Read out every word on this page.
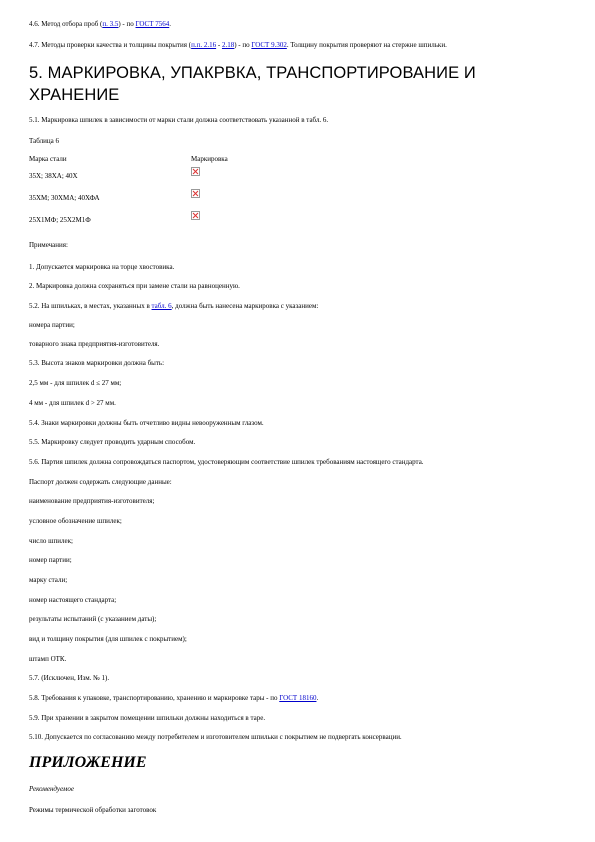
4.6. Метод отбора проб (п. 3.5) - по ГОСТ 7564.
4.7. Методы проверки качества и толщины покрытия (п.п. 2.16 - 2.18) - по ГОСТ 9.302. Толщину покрытия проверяют на стержне шпильки.
5. МАРКИРОВКА, УПАКРВКА, ТРАНСПОРТИРОВАНИЕ И ХРАНЕНИЕ
5.1. Маркировка шпилек в зависимости от марки стали должна соответствовать указанной в табл. 6.
Таблица 6
Марка стали	Маркировка
35Х; 38ХА; 40Х
35ХМ; 30ХМА; 40ХФА
25Х1МФ; 25Х2М1Ф
Примечания:
1. Допускается маркировка на торце хвостовика.
2. Маркировка должна сохраняться при замене стали на равноценную.
5.2. На шпильках, в местах, указанных в табл. 6, должна быть нанесена маркировка с указанием:
номера партии;
товарного знака предприятия-изготовителя.
5.3. Высота знаков маркировки должна быть:
2,5 мм - для шпилек d ≤ 27 мм;
4 мм - для шпилек d > 27 мм.
5.4. Знаки маркировки должны быть отчетливо видны невооруженным глазом.
5.5. Маркировку следует проводить ударным способом.
5.6. Партия шпилек должна сопровождаться паспортом, удостоверяющим соответствие шпилек требованиям настоящего стандарта.
Паспорт должен содержать следующие данные:
наименование предприятия-изготовителя;
условное обозначение шпилек;
число шпилек;
номер партии;
марку стали;
номер настоящего стандарта;
результаты испытаний (с указанием даты);
вид и толщину покрытия (для шпилек с покрытием);
штамп ОТК.
5.7. (Исключен, Изм. № 1).
5.8. Требования к упаковке, транспортированию, хранению и маркировке тары - по ГОСТ 18160.
5.9. При хранении в закрытом помещении шпильки должны находиться в таре.
5.10. Допускается по согласованию между потребителем и изготовителем шпильки с покрытием не подвергать консервации.
ПРИЛОЖЕНИЕ
Рекомендуемое
Режимы термической обработки заготовок
